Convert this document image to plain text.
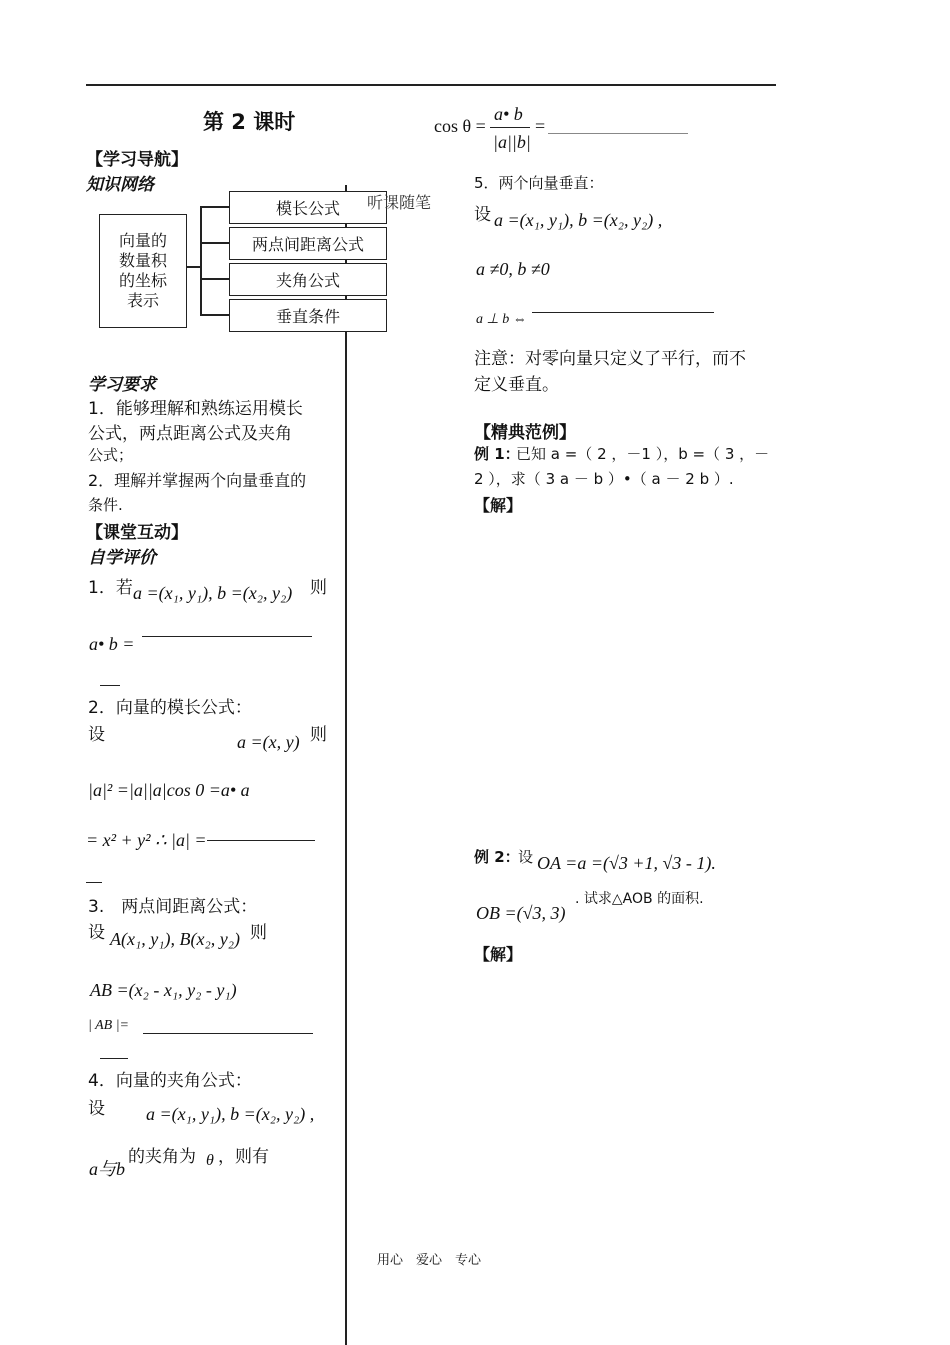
第 2 课时
【学习导航】
知识网络
向量的数量积的坐标表示
模长公式
两点间距离公式
夹角公式
垂直条件
学习要求
1．能够理解和熟练运用模长
公式，两点距离公式及夹角
公式；
2．理解并掌握两个向量垂直的
条件.
【课堂互动】
自学评价
1．若 a =(x₁, y₁), b =(x₂, y₂) 则
a• b =
2．向量的模长公式：
设	a =(x, y) 则
|a|² =|a||a|cos 0 =a• a
= x² + y² ∴ |a| =
3.　两点间距离公式：
设 A(x₁, y₁), B(x₂, y₂) 则
AB =(x₂ - x₁, y₂ - y₁)
| AB |=
4．向量的夹角公式：
设 a =(x₁, y₁), b =(x₂, y₂) ,
a与b
的夹角为 θ ，则有
cos θ =
a• b
|a||b|
=
听课随笔
5．两个向量垂直：
设 a =(x₁, y₁), b =(x₂, y₂) ,
a ≠0, b ≠0
a ⊥ b ⇔
注意：对零向量只定义了平行，而不
定义垂直。
【精典范例】
例 1：
已知 a =（ 2 ，－1 ），b =（ 3 ，－
2 ），求（ 3 a － b ）•（ a － 2 b ）.
【解】
例 2：
设 OA =a =(√3 +1, √3 - 1).
. 试求△AOB 的面积.
OB =(√3, 3)
【解】
用心　爱心　专心
